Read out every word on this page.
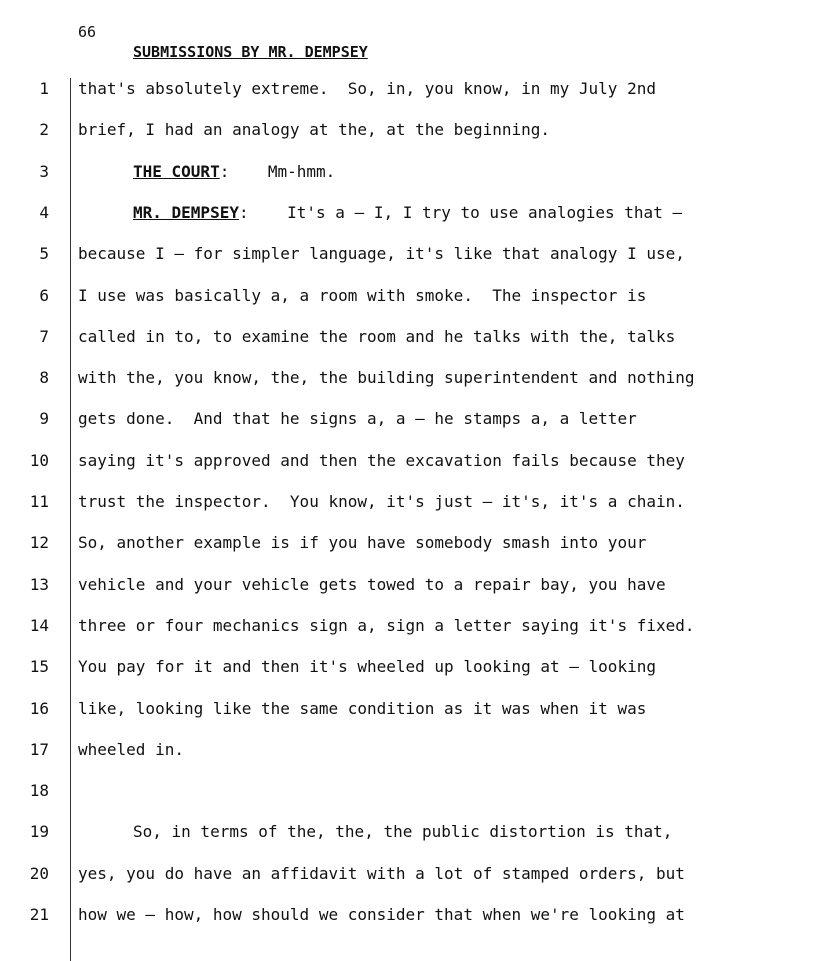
66
SUBMISSIONS BY MR. DEMPSEY
1 that's absolutely extreme.  So, in, you know, in my July 2nd
2 brief, I had an analogy at the, at the beginning.
3	THE COURT:    Mm-hmm.
4	MR. DEMPSEY:    It's a — I, I try to use analogies that —
5 because I — for simpler language, it's like that analogy I use,
6 I use was basically a, a room with smoke.  The inspector is
7 called in to, to examine the room and he talks with the, talks
8 with the, you know, the, the building superintendent and nothing
9 gets done.  And that he signs a, a — he stamps a, a letter
10 saying it's approved and then the excavation fails because they
11 trust the inspector.  You know, it's just — it's, it's a chain.
12 So, another example is if you have somebody smash into your
13 vehicle and your vehicle gets towed to a repair bay, you have
14 three or four mechanics sign a, sign a letter saying it's fixed.
15 You pay for it and then it's wheeled up looking at — looking
16 like, looking like the same condition as it was when it was
17 wheeled in.
18
19	So, in terms of the, the, the public distortion is that,
20 yes, you do have an affidavit with a lot of stamped orders, but
21 how we — how, how should we consider that when we're looking at
